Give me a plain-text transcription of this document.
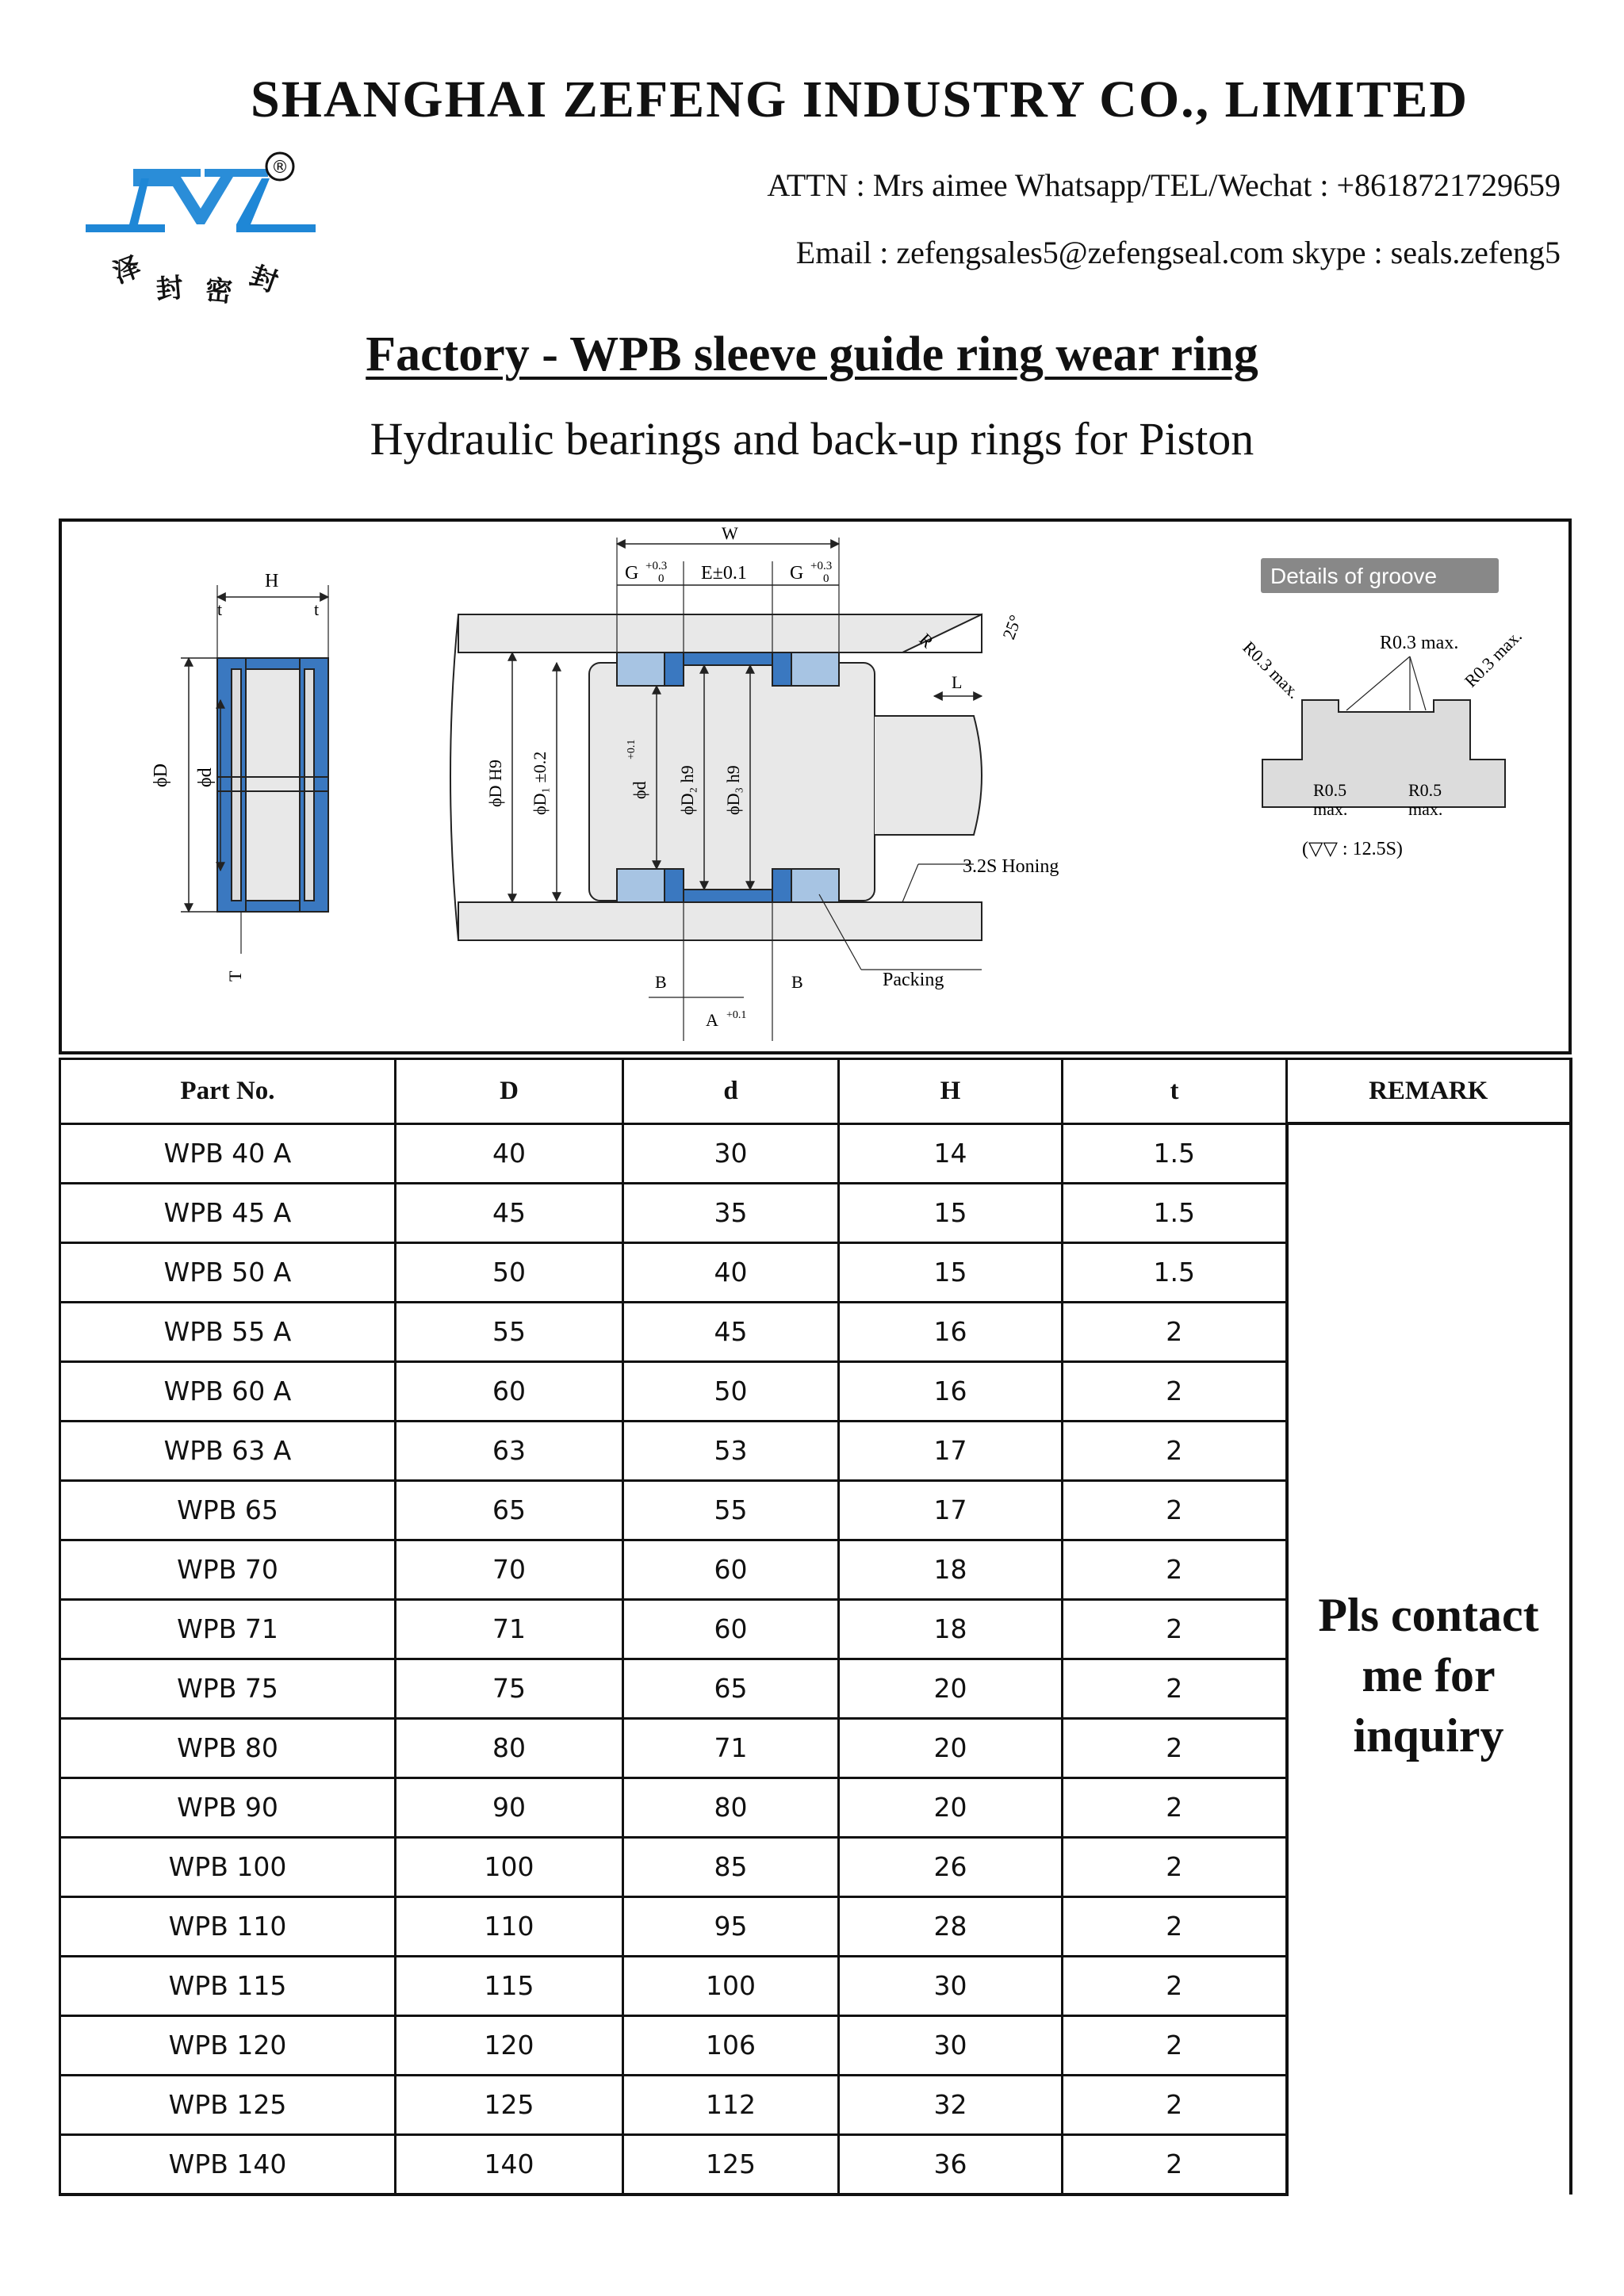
SHANGHAI ZEFENG INDUSTRY CO., LIMITED
®
泽 封 密 封
ATTN : Mrs aimee Whatsapp/TEL/Wechat : +8618721729659
Email : zefengsales5@zefengseal.com skype : seals.zefeng5
Factory - WPB sleeve guide ring wear ring
Hydraulic bearings and back-up rings for Piston
ϕD ϕd
H
t	t
T
W
G +0.3
0 E±0.1 G +0.3
0
ϕD H9 ϕD₁ ±0.2	ϕd
+0.1
ϕD₂ h9 ϕD₃ h9
R	25°
L
3.2S Honing
Packing
B	B
A +0.1
Details of groove
R0.3 max.	R0.3 max. R0.3 max.
R0.5
max.
R0.5
max.
(▽▽ : 12.5S)
Part No.	D	d	H	t	REMARK
WPB 40 A	40	30	14	1.5	Pls contact me for inquiry
WPB 45 A	45	35	15	1.5	
WPB 50 A	50	40	15	1.5	
WPB 55 A	55	45	16	2	
WPB 60 A	60	50	16	2	
WPB 63 A	63	53	17	2	
WPB 65	65	55	17	2	
WPB 70	70	60	18	2	
WPB 71	71	60	18	2	
WPB 75	75	65	20	2	
WPB 80	80	71	20	2	
WPB 90	90	80	20	2	
WPB 100	100	85	26	2	
WPB 110	110	95	28	2	
WPB 115	115	100	30	2	
WPB 120	120	106	30	2	
WPB 125	125	112	32	2	
WPB 140	140	125	36	2	
